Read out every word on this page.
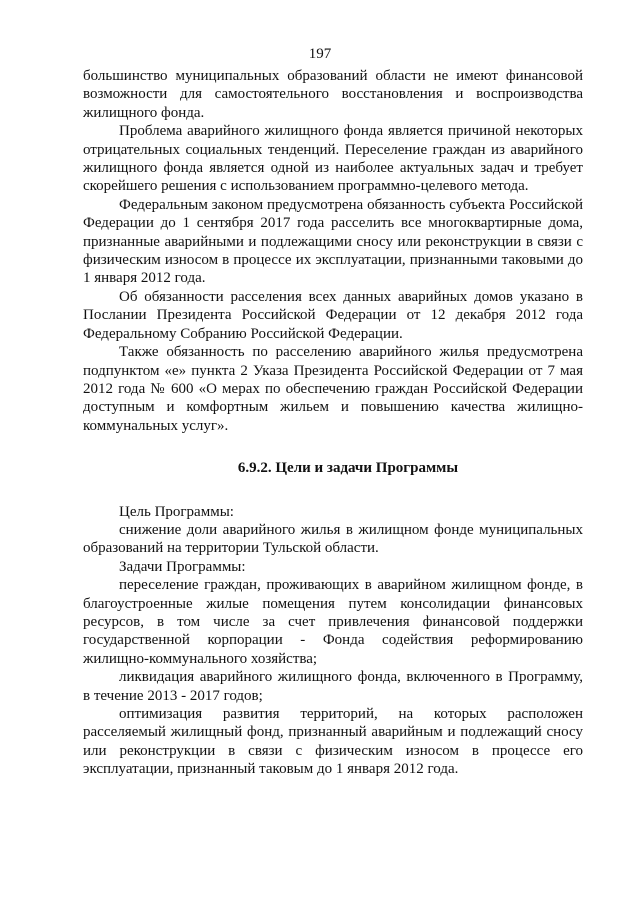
197

большинство муниципальных образований области не имеют финансовой возможности для самостоятельного восстановления и воспроизводства жилищного фонда.

Проблема аварийного жилищного фонда является причиной некоторых отрицательных социальных тенденций. Переселение граждан из аварийного жилищного фонда является одной из наиболее актуальных задач и требует скорейшего решения с использованием программно-целевого метода.

Федеральным законом предусмотрена обязанность субъекта Российской Федерации до 1 сентября 2017 года расселить все многоквартирные дома, признанные аварийными и подлежащими сносу или реконструкции в связи с физическим износом в процессе их эксплуатации, признанными таковыми до 1 января 2012 года.

Об обязанности расселения всех данных аварийных домов указано в Послании Президента Российской Федерации от 12 декабря 2012 года Федеральному Собранию Российской Федерации.

Также обязанность по расселению аварийного жилья предусмотрена подпунктом «е» пункта 2 Указа Президента Российской Федерации от 7 мая 2012 года № 600 «О мерах по обеспечению граждан Российской Федерации доступным и комфортным жильем и повышению качества жилищно-коммунальных услуг».

6.9.2. Цели и задачи Программы

Цель Программы:

снижение доли аварийного жилья в жилищном фонде муниципальных образований на территории Тульской области.

Задачи Программы:

переселение граждан, проживающих в аварийном жилищном фонде, в благоустроенные жилые помещения путем консолидации финансовых ресурсов, в том числе за счет привлечения финансовой поддержки государственной корпорации - Фонда содействия реформированию жилищно-коммунального хозяйства;

ликвидация аварийного жилищного фонда, включенного в Программу, в течение 2013 - 2017 годов;

оптимизация развития территорий, на которых расположен расселяемый жилищный фонд, признанный аварийным и подлежащий сносу или реконструкции в связи с физическим износом в процессе его эксплуатации, признанный таковым до 1 января 2012 года.
